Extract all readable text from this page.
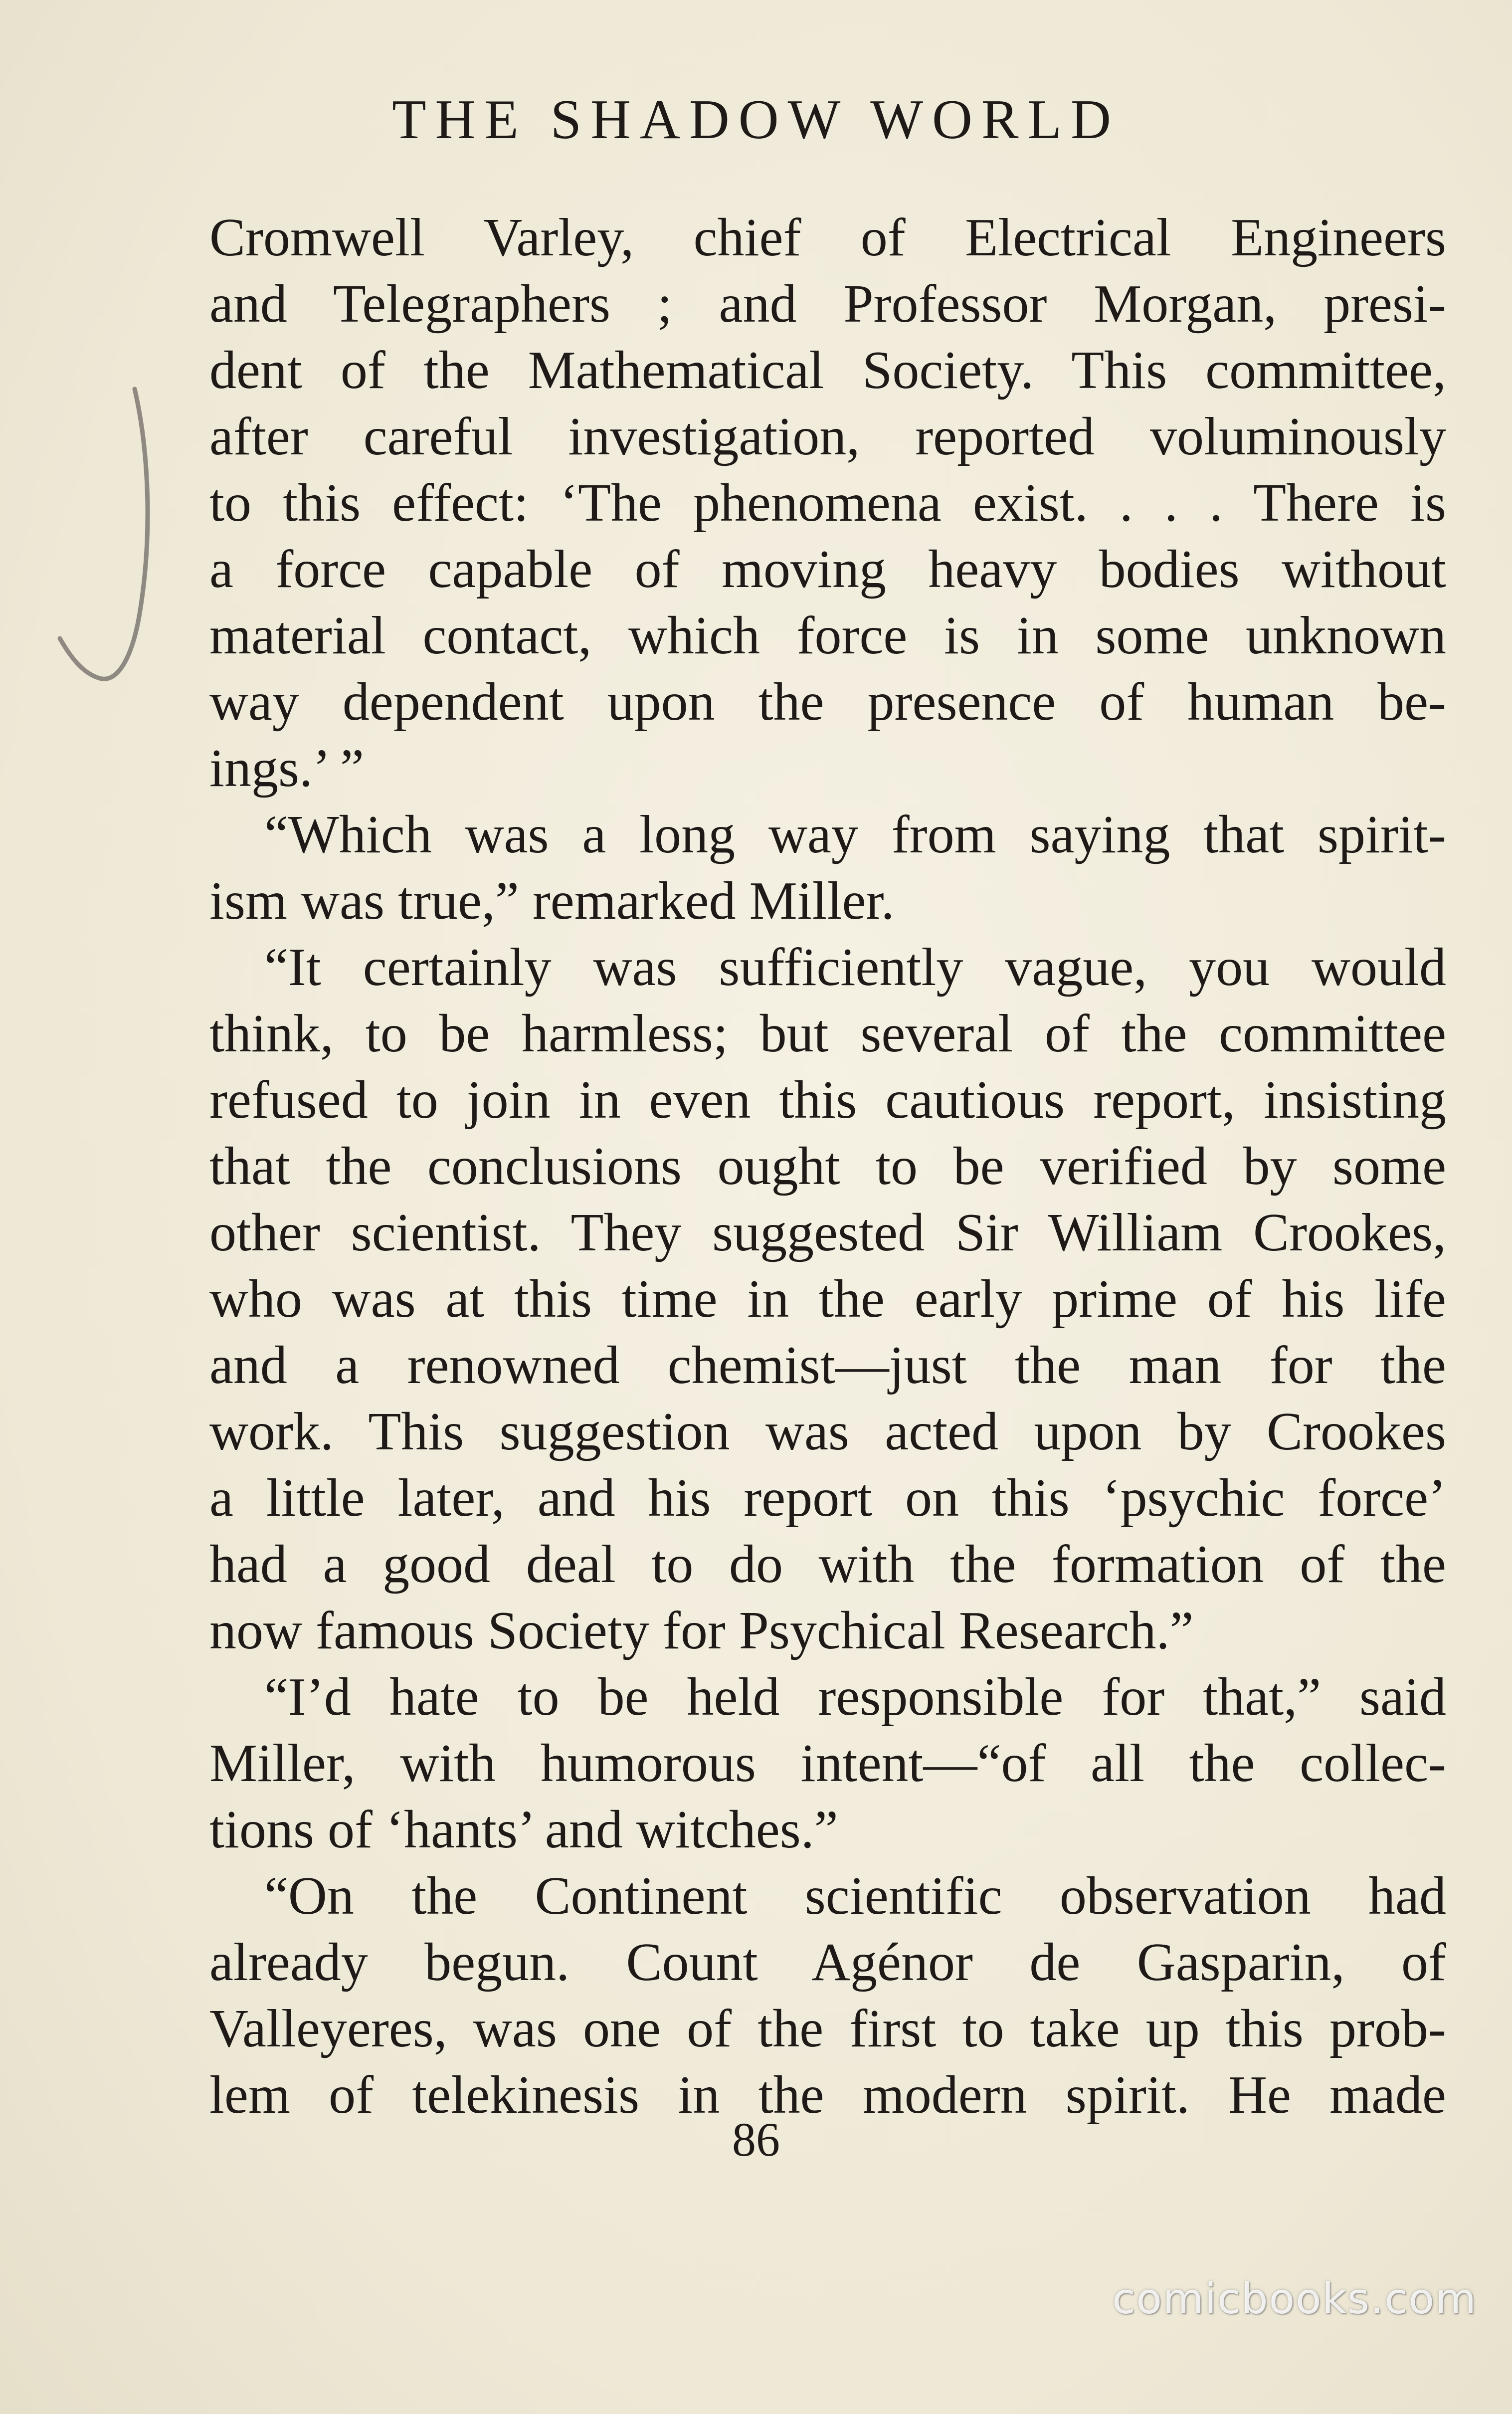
THE SHADOW WORLD
Cromwell Varley, chief of Electrical Engineers
and Telegraphers ; and Professor Morgan, presi-
dent of the Mathematical Society. This committee,
after careful investigation, reported voluminously
to this effect: ‘The phenomena exist. . . . There is
a force capable of moving heavy bodies without
material contact, which force is in some unknown
way dependent upon the presence of human be-
ings.’ ”
“Which was a long way from saying that spirit-
ism was true,” remarked Miller.
“It certainly was sufficiently vague, you would
think, to be harmless; but several of the committee
refused to join in even this cautious report, insisting
that the conclusions ought to be verified by some
other scientist. They suggested Sir William Crookes,
who was at this time in the early prime of his life
and a renowned chemist—just the man for the
work. This suggestion was acted upon by Crookes
a little later, and his report on this ‘psychic force’
had a good deal to do with the formation of the
now famous Society for Psychical Research.”
“I’d hate to be held responsible for that,” said
Miller, with humorous intent—“of all the collec-
tions of ‘hants’ and witches.”
“On the Continent scientific observation had
already begun. Count Agénor de Gasparin, of
Valleyeres, was one of the first to take up this prob-
lem of telekinesis in the modern spirit. He made
86
comicbooks.com
